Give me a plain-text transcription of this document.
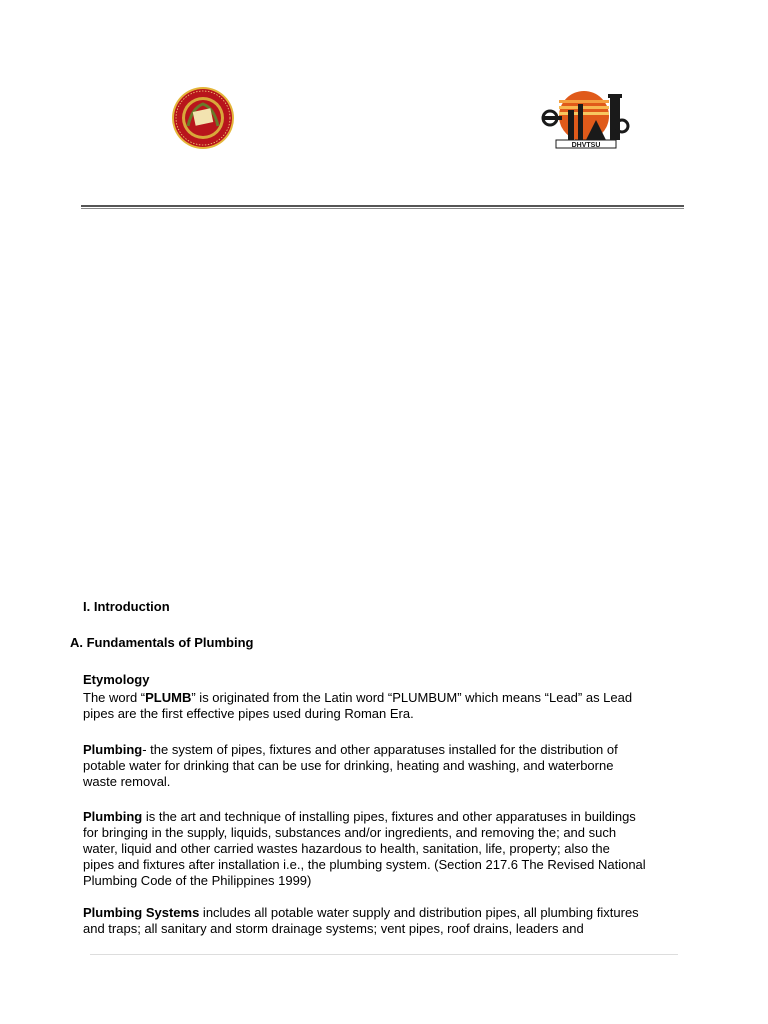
DHVTSU
I. Introduction
A. Fundamentals of Plumbing
Etymology
The word “PLUMB” is originated from the Latin word “PLUMBUM” which means “Lead” as Lead
pipes are the first effective pipes used during Roman Era.
Plumbing- the system of pipes, fixtures and other apparatuses installed for the distribution of
potable water for drinking that can be use for drinking, heating and washing, and waterborne
waste removal.
Plumbing is the art and technique of installing pipes, fixtures and other apparatuses in buildings
for bringing in the supply, liquids, substances and/or ingredients, and removing the; and such
water, liquid and other carried wastes hazardous to health, sanitation, life, property; also the
pipes and fixtures after installation i.e., the plumbing system. (Section 217.6 The Revised National
Plumbing Code of the Philippines 1999)
Plumbing Systems includes all potable water supply and distribution pipes, all plumbing fixtures
and traps; all sanitary and storm drainage systems; vent pipes, roof drains, leaders and
